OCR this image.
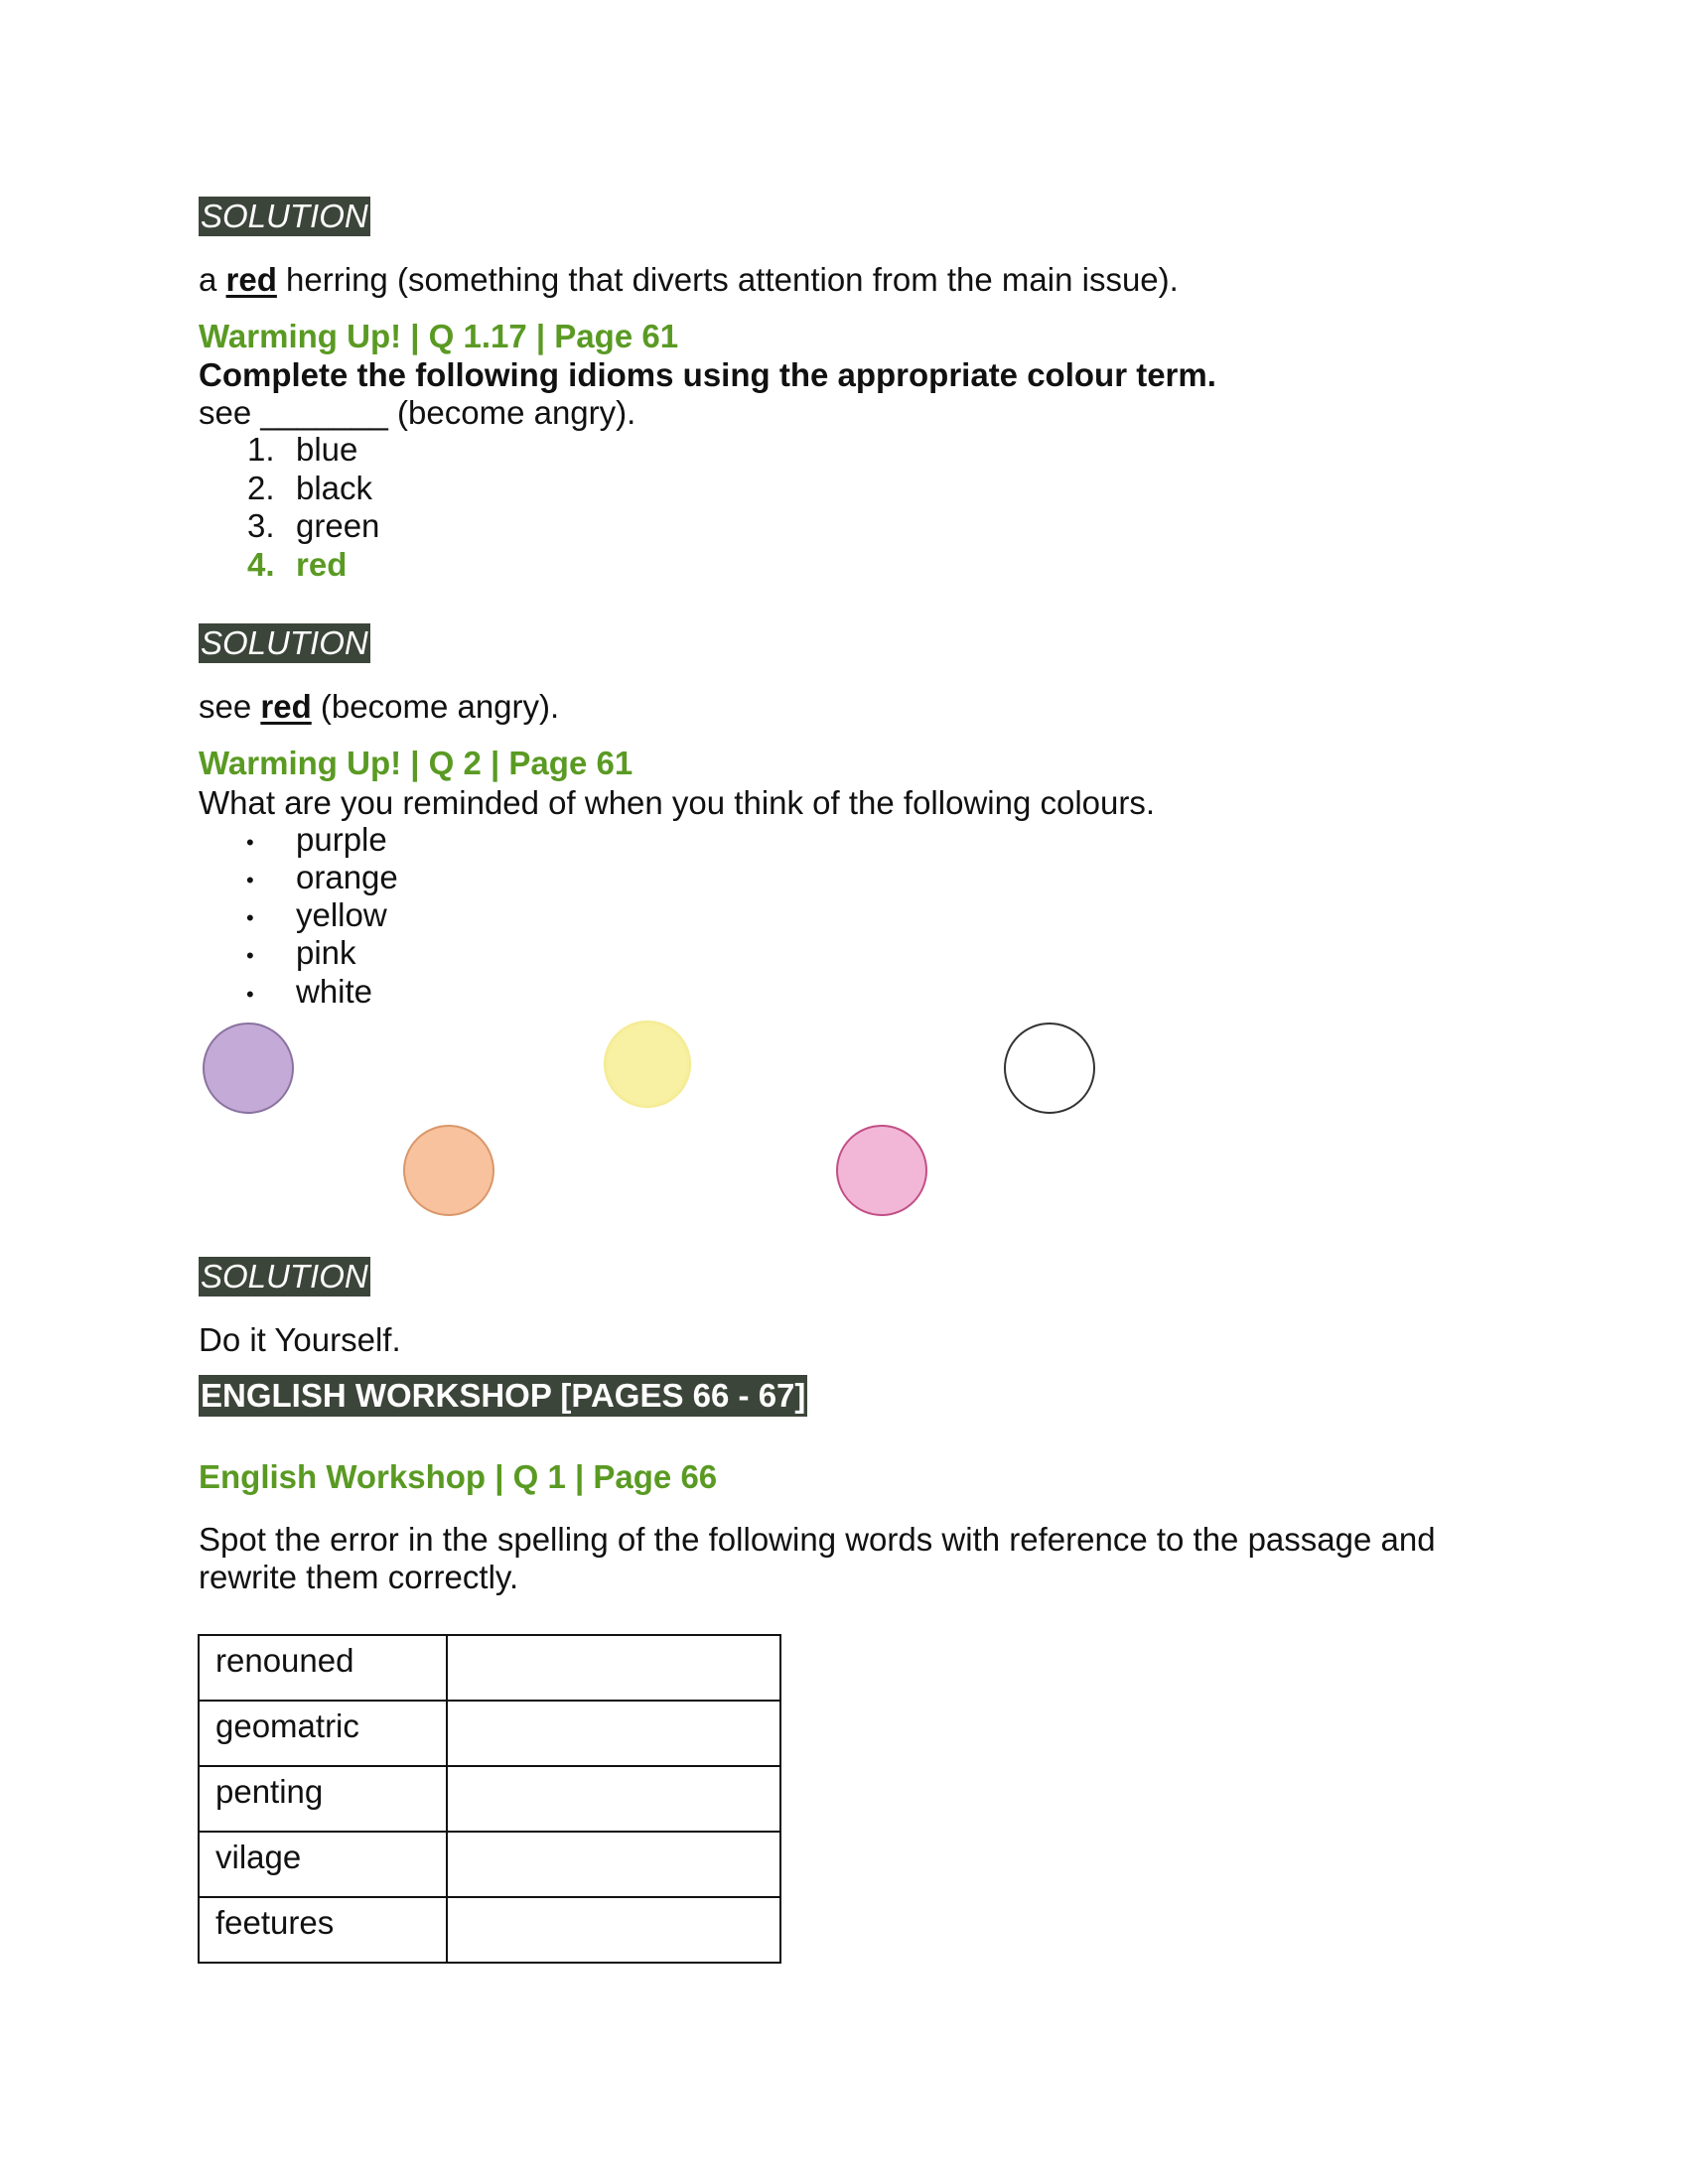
SOLUTION
a red herring (something that diverts attention from the main issue).
Warming Up! | Q 1.17 | Page 61
Complete the following idioms using the appropriate colour term.
see _______ (become angry).
1. blue
2. black
3. green
4. red
SOLUTION
see red (become angry).
Warming Up! | Q 2 | Page 61
What are you reminded of when you think of the following colours.
• purple
• orange
• yellow
• pink
• white
SOLUTION
Do it Yourself.
ENGLISH WORKSHOP [PAGES 66 - 67]
English Workshop | Q 1 | Page 66
Spot the error in the spelling of the following words with reference to the passage and
rewrite them correctly.
renouned	
geomatric	
penting	
vilage	
feetures	
